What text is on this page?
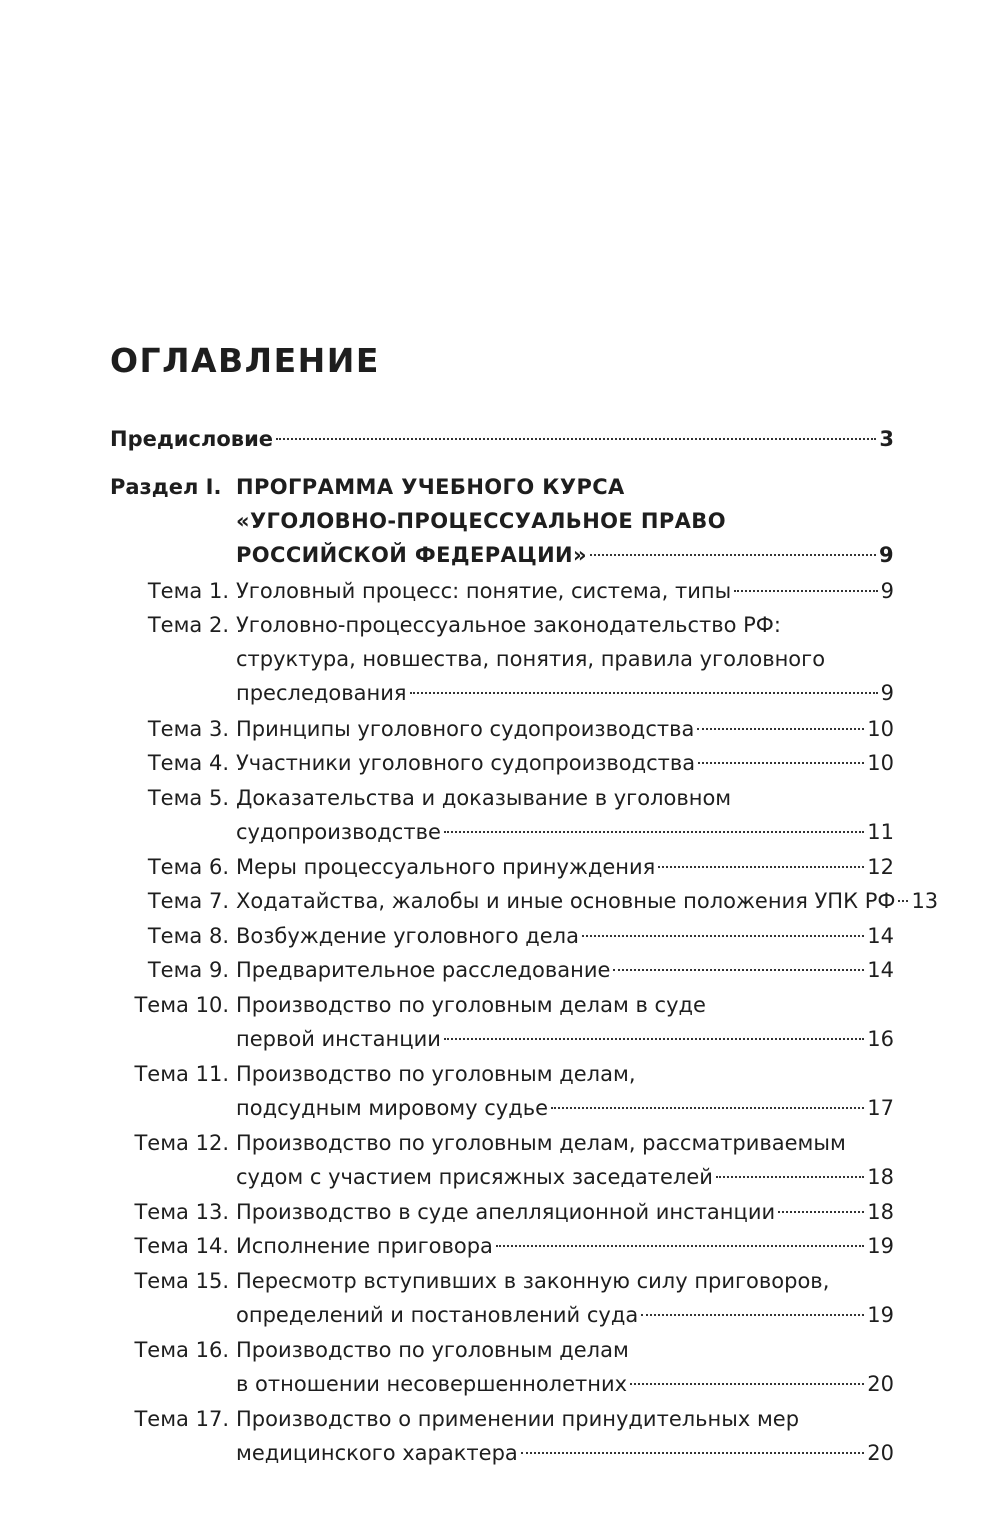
ОГЛАВЛЕНИЕ
Предисловие	3
Раздел I. ПРОГРАММА УЧЕБНОГО КУРСА
«УГОЛОВНО-ПРОЦЕССУАЛЬНОЕ ПРАВО
РОССИЙСКОЙ ФЕДЕРАЦИИ»	9
Тема 1. Уголовный процесс: понятие, система, типы	9
Тема 2. Уголовно-процессуальное законодательство РФ:
структура, новшества, понятия, правила уголовного
преследования	9
Тема 3. Принципы уголовного судопроизводства	10
Тема 4. Участники уголовного судопроизводства	10
Тема 5. Доказательства и доказывание в уголовном
судопроизводстве	11
Тема 6. Меры процессуального принуждения	12
Тема 7. Ходатайства, жалобы и иные основные положения УПК РФ 13
Тема 8. Возбуждение уголовного дела	14
Тема 9. Предварительное расследование	14
Тема 10. Производство по уголовным делам в суде
первой инстанции	16
Тема 11. Производство по уголовным делам,
подсудным мировому судье	17
Тема 12. Производство по уголовным делам, рассматриваемым
судом с участием присяжных заседателей	18
Тема 13. Производство в суде апелляционной инстанции	18
Тема 14. Исполнение приговора	19
Тема 15. Пересмотр вступивших в законную силу приговоров,
определений и постановлений суда	19
Тема 16. Производство по уголовным делам
в отношении несовершеннолетних	20
Тема 17. Производство о применении принудительных мер
медицинского характера	20
